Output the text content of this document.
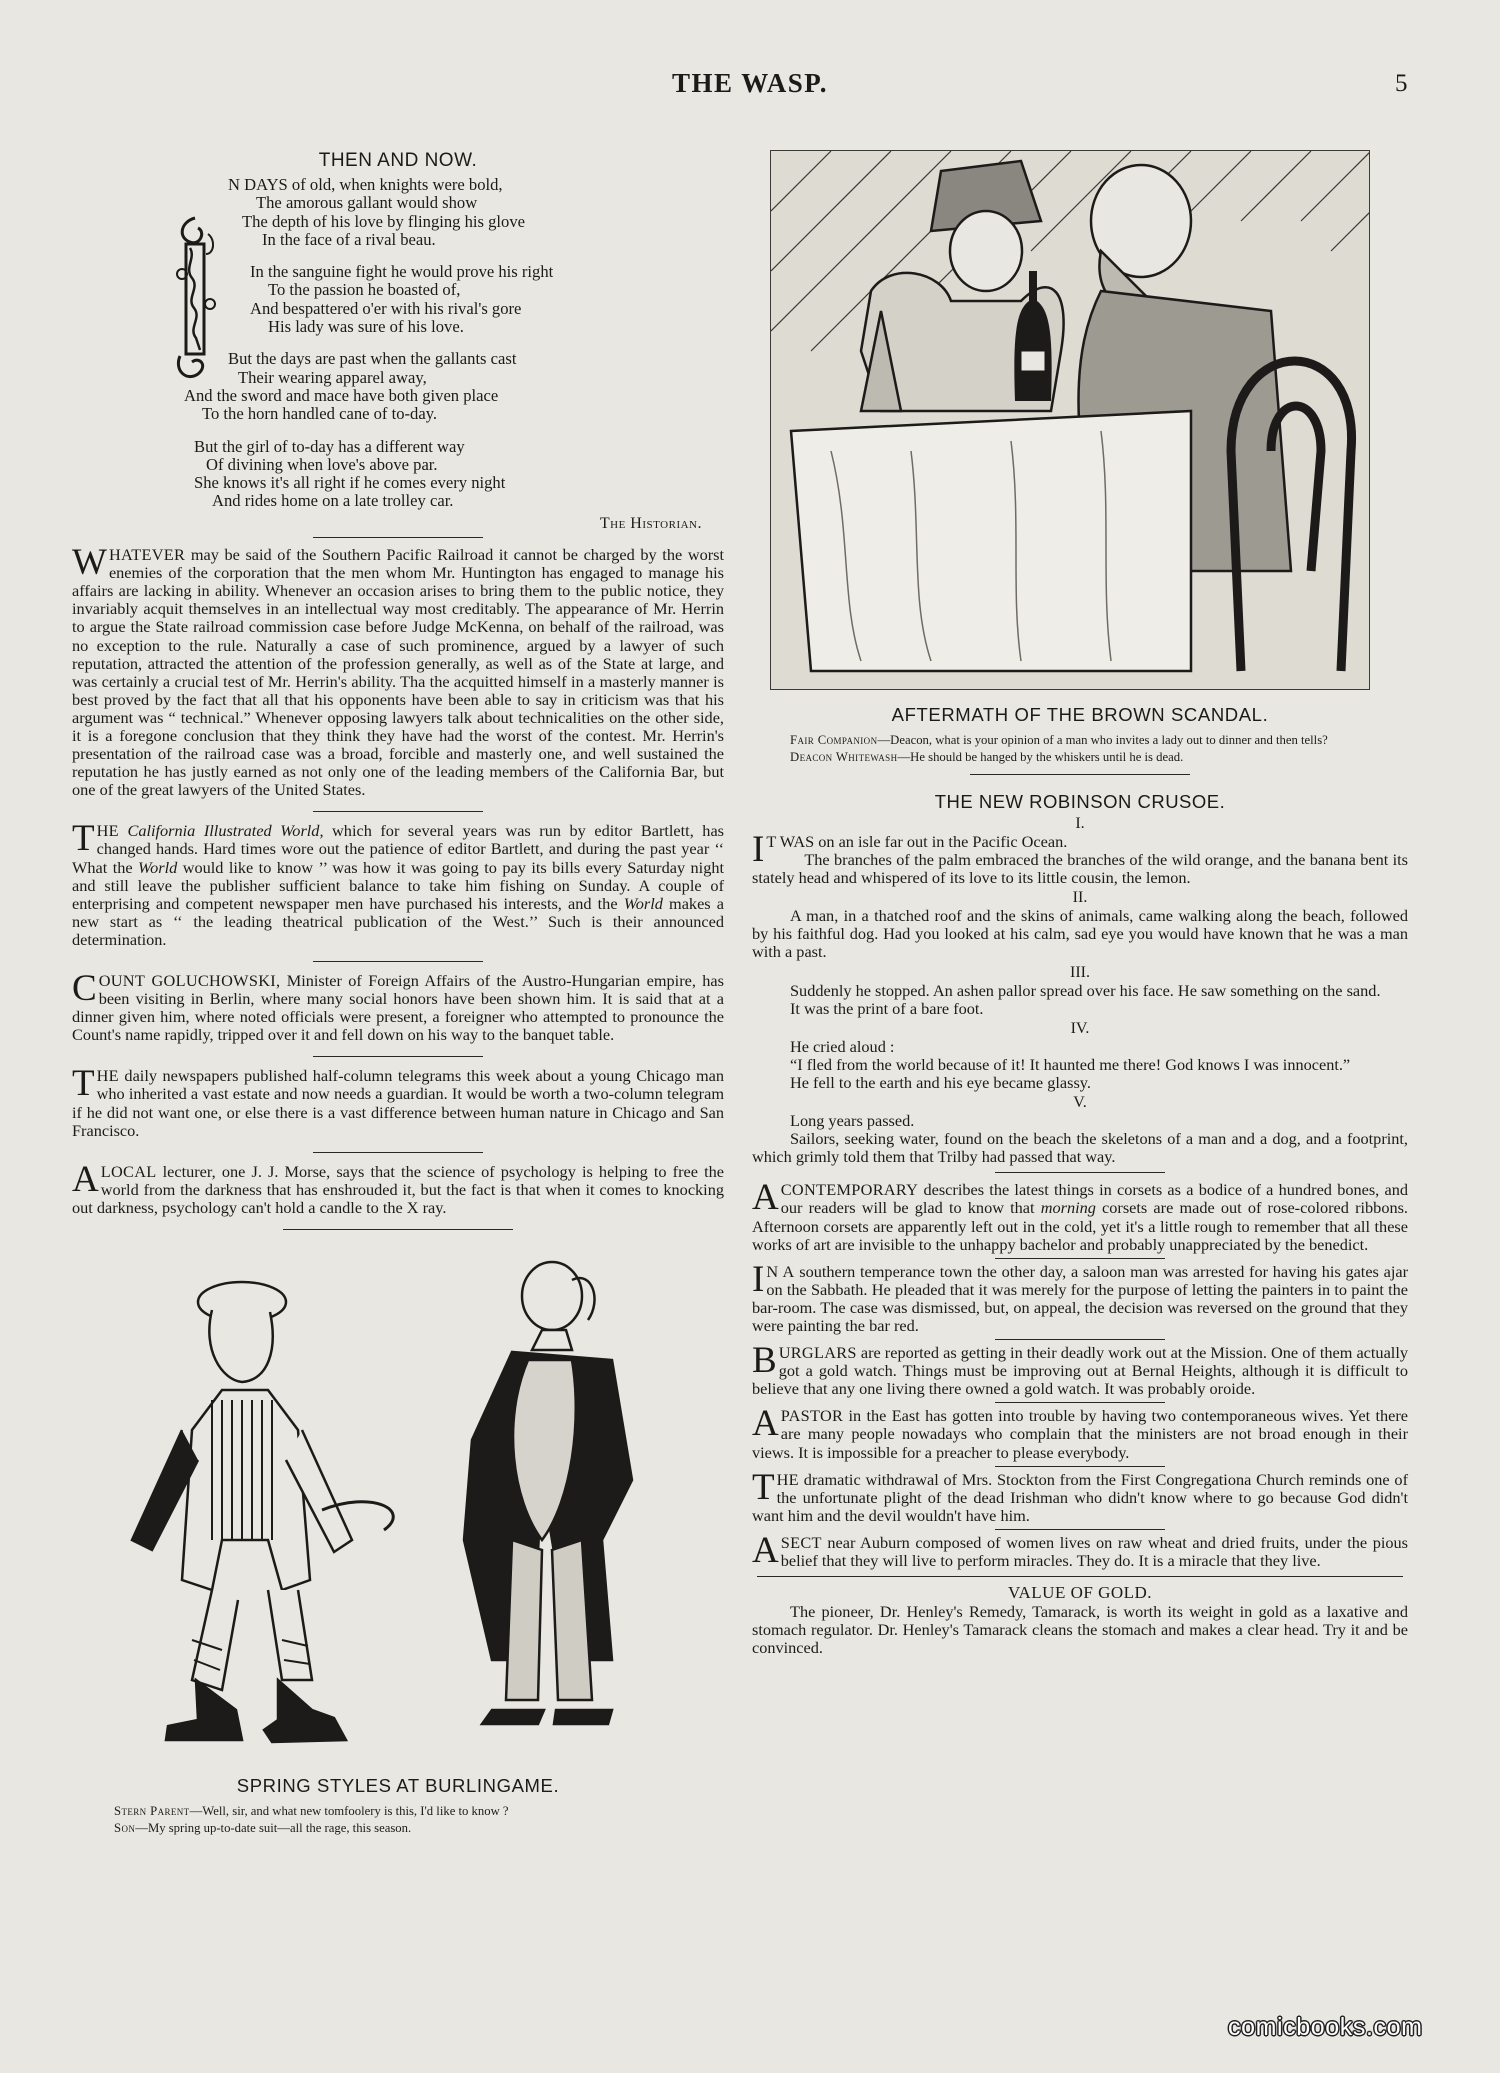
THE WASP.	5
THEN AND NOW.
N DAYS of old, when knights were bold,
The amorous gallant would show
The depth of his love by flinging his glove
In the face of a rival beau.
In the sanguine fight he would prove his right
To the passion he boasted of,
And bespattered o'er with his rival's gore
His lady was sure of his love.
But the days are past when the gallants cast
Their wearing apparel away,
And the sword and mace have both given place
To the horn handled cane of to-day.
But the girl of to-day has a different way
Of divining when love's above par.
She knows it's all right if he comes every night
And rides home on a late trolley car.
The Historian.

WHATEVER may be said of the Southern Pacific Railroad it cannot be charged by the worst enemies of the corporation that the men whom Mr. Huntington has engaged to manage his affairs are lacking in ability. Whenever an occasion arises to bring them to the public notice, they invariably acquit themselves in an intellectual way most creditably. The appearance of Mr. Herrin to argue the State railroad commission case before Judge McKenna, on behalf of the railroad, was no exception to the rule. Naturally a case of such prominence, argued by a lawyer of such reputation, attracted the attention of the profession generally, as well as of the State at large, and was certainly a crucial test of Mr. Herrin's ability. Tha the acquitted himself in a masterly manner is best proved by the fact that all that his opponents have been able to say in criticism was that his argument was “ technical.” Whenever opposing lawyers talk about technicalities on the other side, it is a foregone conclusion that they think they have had the worst of the contest. Mr. Herrin's presentation of the railroad case was a broad, forcible and masterly one, and well sustained the reputation he has justly earned as not only one of the leading members of the California Bar, but one of the great lawyers of the United States.

THE California Illustrated World, which for several years was run by editor Bartlett, has changed hands. Hard times wore out the patience of editor Bartlett, and during the past year ‘‘ What the World would like to know ’’ was how it was going to pay its bills every Saturday night and still leave the publisher sufficient balance to take him fishing on Sunday. A couple of enterprising and competent newspaper men have purchased his interests, and the World makes a new start as ‘‘ the leading theatrical publication of the West.’’ Such is their announced determination.

COUNT GOLUCHOWSKI, Minister of Foreign Affairs of the Austro-Hungarian empire, has been visiting in Berlin, where many social honors have been shown him. It is said that at a dinner given him, where noted officials were present, a foreigner who attempted to pronounce the Count's name rapidly, tripped over it and fell down on his way to the banquet table.

THE daily newspapers published half-column telegrams this week about a young Chicago man who inherited a vast estate and now needs a guardian. It would be worth a two-column telegram if he did not want one, or else there is a vast difference between human nature in Chicago and San Francisco.

ALOCAL lecturer, one J. J. Morse, says that the science of psychology is helping to free the world from the darkness that has enshrouded it, but the fact is that when it comes to knocking out darkness, psychology can't hold a candle to the X ray.

SPRING STYLES AT BURLINGAME.
Stern Parent—Well, sir, and what new tomfoolery is this, I'd like to know ?
Son—My spring up-to-date suit—all the rage, this season.
AFTERMATH OF THE BROWN SCANDAL.
Fair Companion—Deacon, what is your opinion of a man who invites a lady out to dinner and then tells?
Deacon Whitewash—He should be hanged by the whiskers until he is dead.
THE NEW ROBINSON CRUSOE.
I.

I T WAS on an isle far out in the Pacific Ocean.

The branches of the palm embraced the branches of the wild orange, and the banana bent its stately head and whispered of its love to its little cousin, the lemon.

II.

A man, in a thatched roof and the skins of animals, came walking along the beach, followed by his faithful dog. Had you looked at his calm, sad eye you would have known that he was a man with a past.

III.

Suddenly he stopped. An ashen pallor spread over his face. He saw something on the sand.

It was the print of a bare foot.

IV.

He cried aloud :

“I fled from the world because of it! It haunted me there! God knows I was innocent.”

He fell to the earth and his eye became glassy.

V.

Long years passed.

Sailors, seeking water, found on the beach the skeletons of a man and a dog, and a footprint, which grimly told them that Trilby had passed that way.

ACONTEMPORARY describes the latest things in corsets as a bodice of a hundred bones, and our readers will be glad to know that morning corsets are made out of rose-colored ribbons. Afternoon corsets are apparently left out in the cold, yet it's a little rough to remember that all these works of art are invisible to the unhappy bachelor and probably unappreciated by the benedict.

I N A southern temperance town the other day, a saloon man was arrested for having his gates ajar on the Sabbath. He pleaded that it was merely for the purpose of letting the painters in to paint the bar-room. The case was dismissed, but, on appeal, the decision was reversed on the ground that they were painting the bar red.

BURGLARS are reported as getting in their deadly work out at the Mission. One of them actually got a gold watch. Things must be improving out at Bernal Heights, although it is difficult to believe that any one living there owned a gold watch. It was probably oroide.

APASTOR in the East has gotten into trouble by having two contemporaneous wives. Yet there are many people nowadays who complain that the ministers are not broad enough in their views. It is impossible for a preacher to please everybody.

THE dramatic withdrawal of Mrs. Stockton from the First Congregationa Church reminds one of the unfortunate plight of the dead Irishman who didn't know where to go because God didn't want him and the devil wouldn't have him.

ASECT near Auburn composed of women lives on raw wheat and dried fruits, under the pious belief that they will live to perform miracles. They do. It is a miracle that they live.

VALUE OF GOLD.

The pioneer, Dr. Henley's Remedy, Tamarack, is worth its weight in gold as a laxative and stomach regulator. Dr. Henley's Tamarack cleans the stomach and makes a clear head. Try it and be convinced.

comicbooks.com
